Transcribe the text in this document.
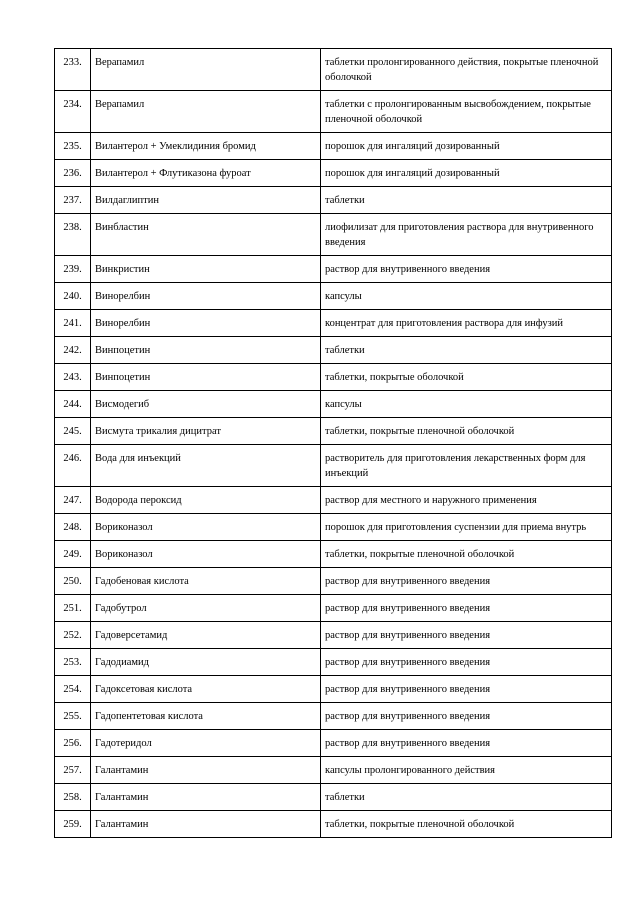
233.	Верапамил	таблетки пролонгированного действия, покрытые пленочной оболочкой
234.	Верапамил	таблетки с пролонгированным высвобождением, покрытые пленочной оболочкой
235.	Вилантерол + Умеклидиния бромид	порошок для ингаляций дозированный
236.	Вилантерол + Флутиказона фуроат	порошок для ингаляций дозированный
237.	Вилдаглиптин	таблетки
238.	Винбластин	лиофилизат для приготовления раствора для внутривенного введения
239.	Винкристин	раствор для внутривенного введения
240.	Винорелбин	капсулы
241.	Винорелбин	концентрат для приготовления раствора для инфузий
242.	Винпоцетин	таблетки
243.	Винпоцетин	таблетки, покрытые оболочкой
244.	Висмодегиб	капсулы
245.	Висмута трикалия дицитрат	таблетки, покрытые пленочной оболочкой
246.	Вода для инъекций	растворитель для приготовления лекарственных форм для инъекций
247.	Водорода пероксид	раствор для местного и наружного применения
248.	Вориконазол	порошок для приготовления суспензии для приема внутрь
249.	Вориконазол	таблетки, покрытые пленочной оболочкой
250.	Гадобеновая кислота	раствор для внутривенного введения
251.	Гадобутрол	раствор для внутривенного введения
252.	Гадоверсетамид	раствор для внутривенного введения
253.	Гадодиамид	раствор для внутривенного введения
254.	Гадоксетовая кислота	раствор для внутривенного введения
255.	Гадопентетовая кислота	раствор для внутривенного введения
256.	Гадотеридол	раствор для внутривенного введения
257.	Галантамин	капсулы пролонгированного действия
258.	Галантамин	таблетки
259.	Галантамин	таблетки, покрытые пленочной оболочкой
